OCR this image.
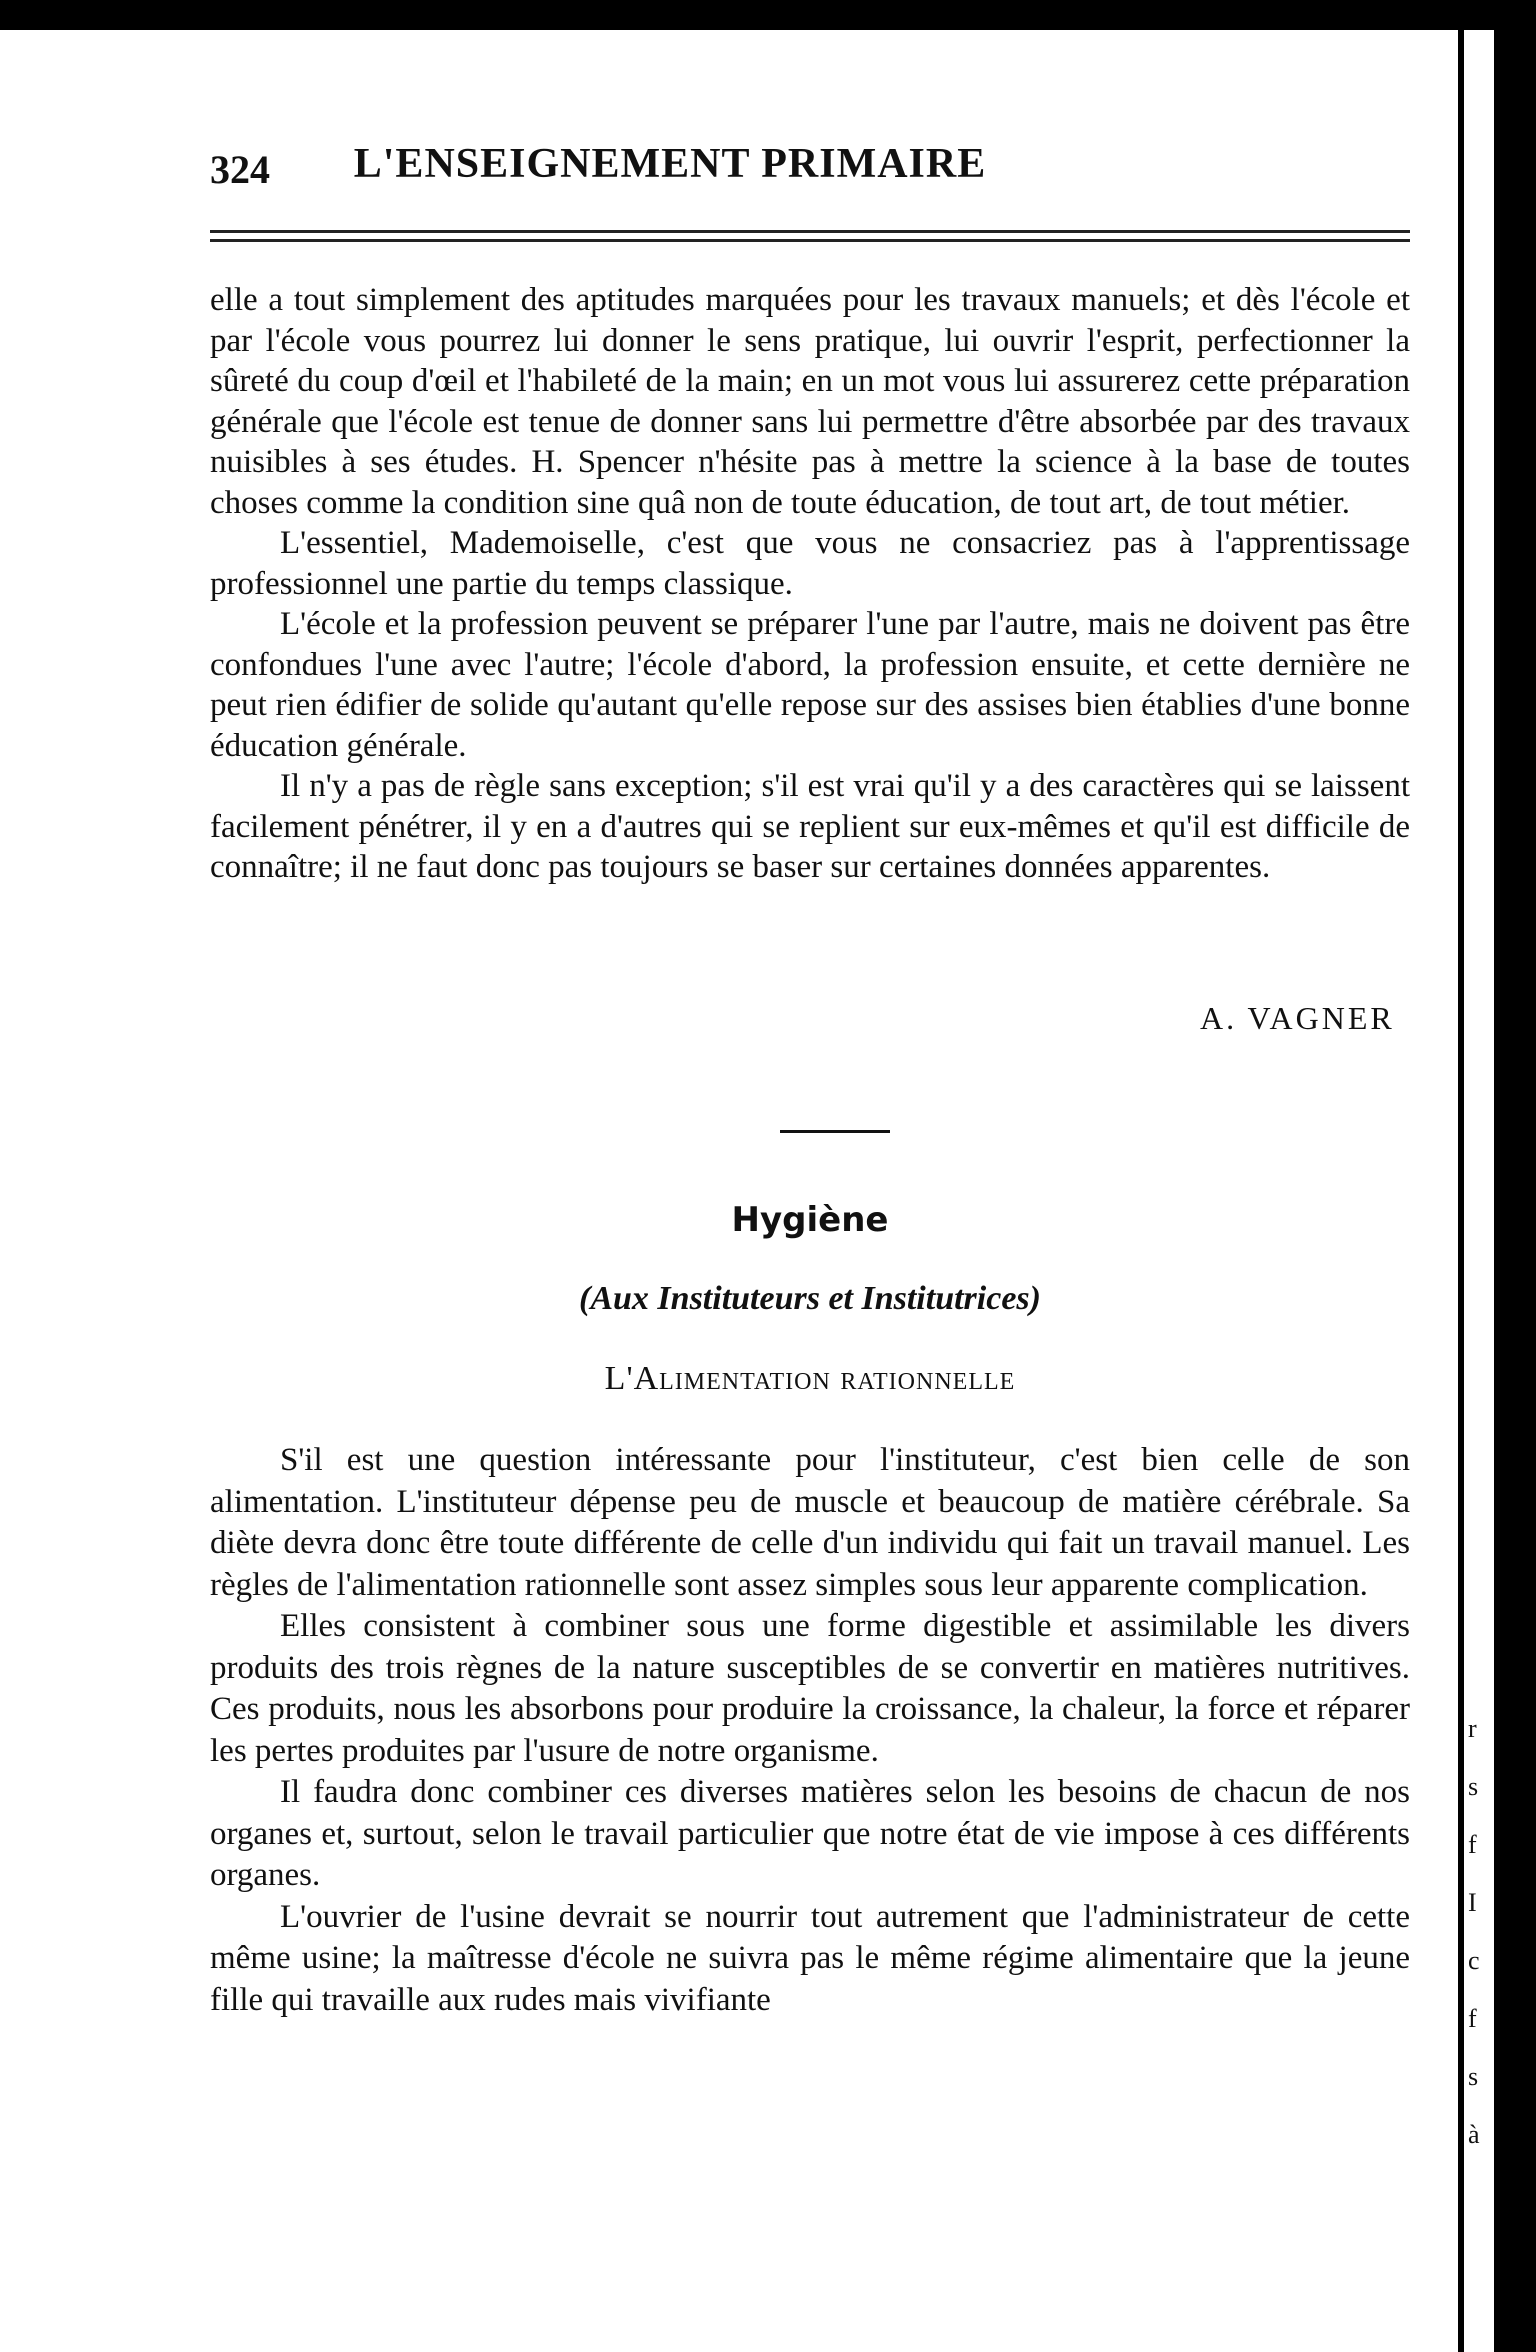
r
s
f
I
c
f
s
à
324	L'ENSEIGNEMENT PRIMAIRE

elle a tout simplement des aptitudes marquées pour les travaux manuels; et dès l'école et par l'école vous pourrez lui donner le sens pratique, lui ouvrir l'esprit, perfectionner la sûreté du coup d'œil et l'habileté de la main; en un mot vous lui assurerez cette préparation générale que l'école est tenue de donner sans lui permettre d'être absorbée par des travaux nuisibles à ses études. H. Spencer n'hésite pas à mettre la science à la base de toutes choses comme la condition sine quâ non de toute éducation, de tout art, de tout métier.

L'essentiel, Mademoiselle, c'est que vous ne consacriez pas à l'apprentissage professionnel une partie du temps classique.

L'école et la profession peuvent se préparer l'une par l'autre, mais ne doivent pas être confondues l'une avec l'autre; l'école d'abord, la profession ensuite, et cette dernière ne peut rien édifier de solide qu'autant qu'elle repose sur des assises bien établies d'une bonne éducation générale.

Il n'y a pas de règle sans exception; s'il est vrai qu'il y a des caractères qui se laissent facilement pénétrer, il y en a d'autres qui se replient sur eux-mêmes et qu'il est difficile de connaître; il ne faut donc pas toujours se baser sur certaines données apparentes.

A. VAGNER
Hygiène
(Aux Instituteurs et Institutrices)
L'Alimentation rationnelle

S'il est une question intéressante pour l'instituteur, c'est bien celle de son alimentation. L'instituteur dépense peu de muscle et beaucoup de matière cérébrale. Sa diète devra donc être toute différente de celle d'un individu qui fait un travail manuel. Les règles de l'alimentation rationnelle sont assez simples sous leur apparente complication.

Elles consistent à combiner sous une forme digestible et assimilable les divers produits des trois règnes de la nature susceptibles de se convertir en matières nutritives. Ces produits, nous les absorbons pour produire la croissance, la chaleur, la force et réparer les pertes produites par l'usure de notre organisme.

Il faudra donc combiner ces diverses matières selon les besoins de chacun de nos organes et, surtout, selon le travail particulier que notre état de vie impose à ces différents organes.

L'ouvrier de l'usine devrait se nourrir tout autrement que l'administrateur de cette même usine; la maîtresse d'école ne suivra pas le même régime alimentaire que la jeune fille qui travaille aux rudes mais vivifiante
